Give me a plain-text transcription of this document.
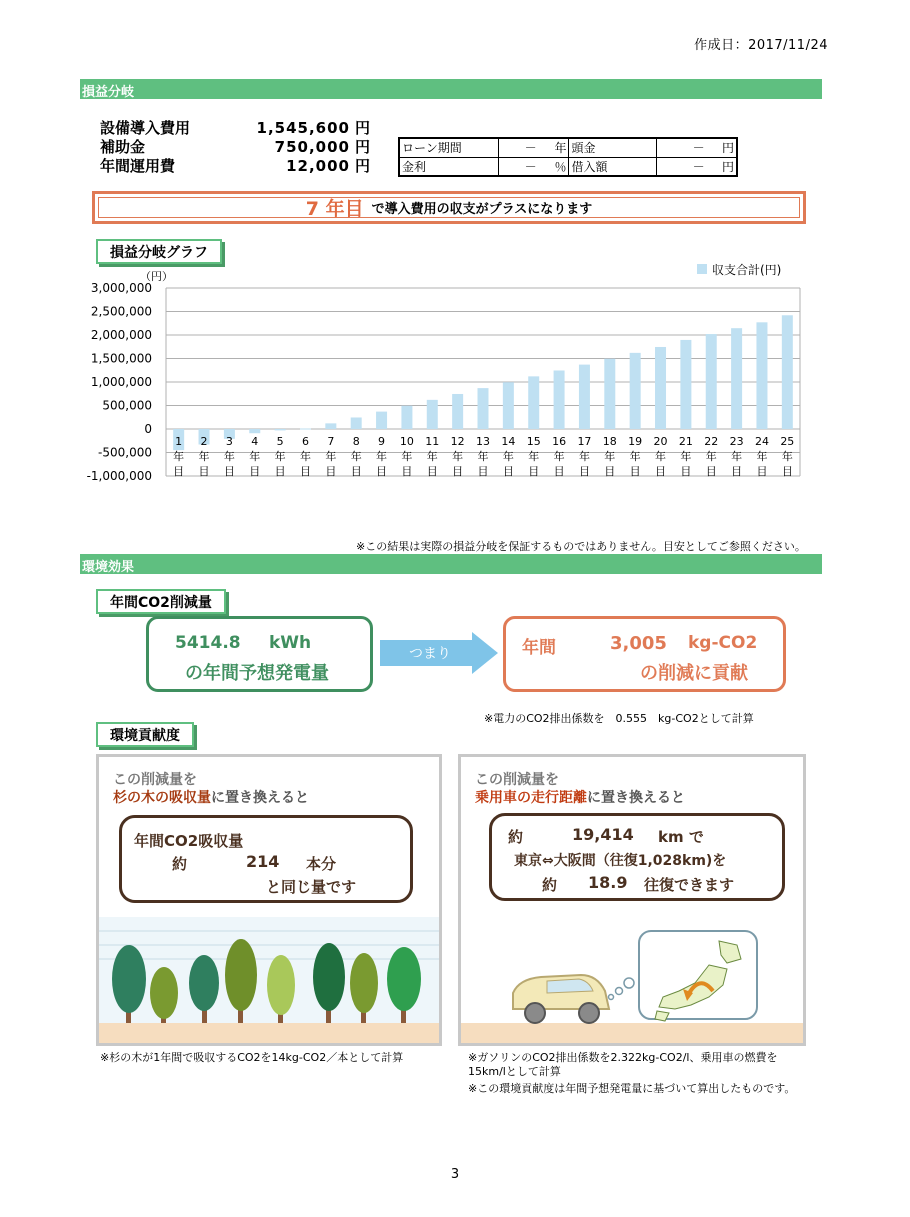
作成日：2017/11/24
損益分岐
設備導入費用	1,545,600 円
補助金	750,000 円
年間運用費	12,000 円
ローン期間	－	年	頭金	－	円
金利	－	％	借入額	－	円
7 年目 で導入費用の収支がプラスになります
損益分岐グラフ
（円）	収支合計(円)
3,000,000
2,500,000
2,000,000
1,500,000
1,000,000
500,000
0
-500,000
-1,000,000
1
年
目
2
年
目
3
年
目
4
年
目
5
年
目
6
年
目
7
年
目
8
年
目
9
年
目
10
年
目
11
年
目
12
年
目
13
年
目
14
年
目
15
年
目
16
年
目
17
年
目
18
年
目
19
年
目
20
年
目
21
年
目
22
年
目
23
年
目
24
年
目
25
年
目
※この結果は実際の損益分岐を保証するものではありません。目安としてご参照ください。
環境効果
年間CO2削減量
5414.8 kWh
の年間予想発電量
つまり	年間	3,005 kg-CO2
の削減に貢献
※電力のCO2排出係数を　0.555　kg-CO2として計算
環境貢献度
この削減量を
杉の木の吸収量に置き換えると
年間CO2吸収量
約	214 本分
と同じ量です
※杉の木が1年間で吸収するCO2を14kg-CO2／本として計算
この削減量を
乗用車の走行距離に置き換えると
約	19,414 km で
東京⇔大阪間（往復1,028km)を
約 18.9 往復できます
※ガソリンのCO2排出係数を2.322kg-CO2/l、乗用車の燃費を
15km/lとして計算
※この環境貢献度は年間予想発電量に基づいて算出したものです。
3
